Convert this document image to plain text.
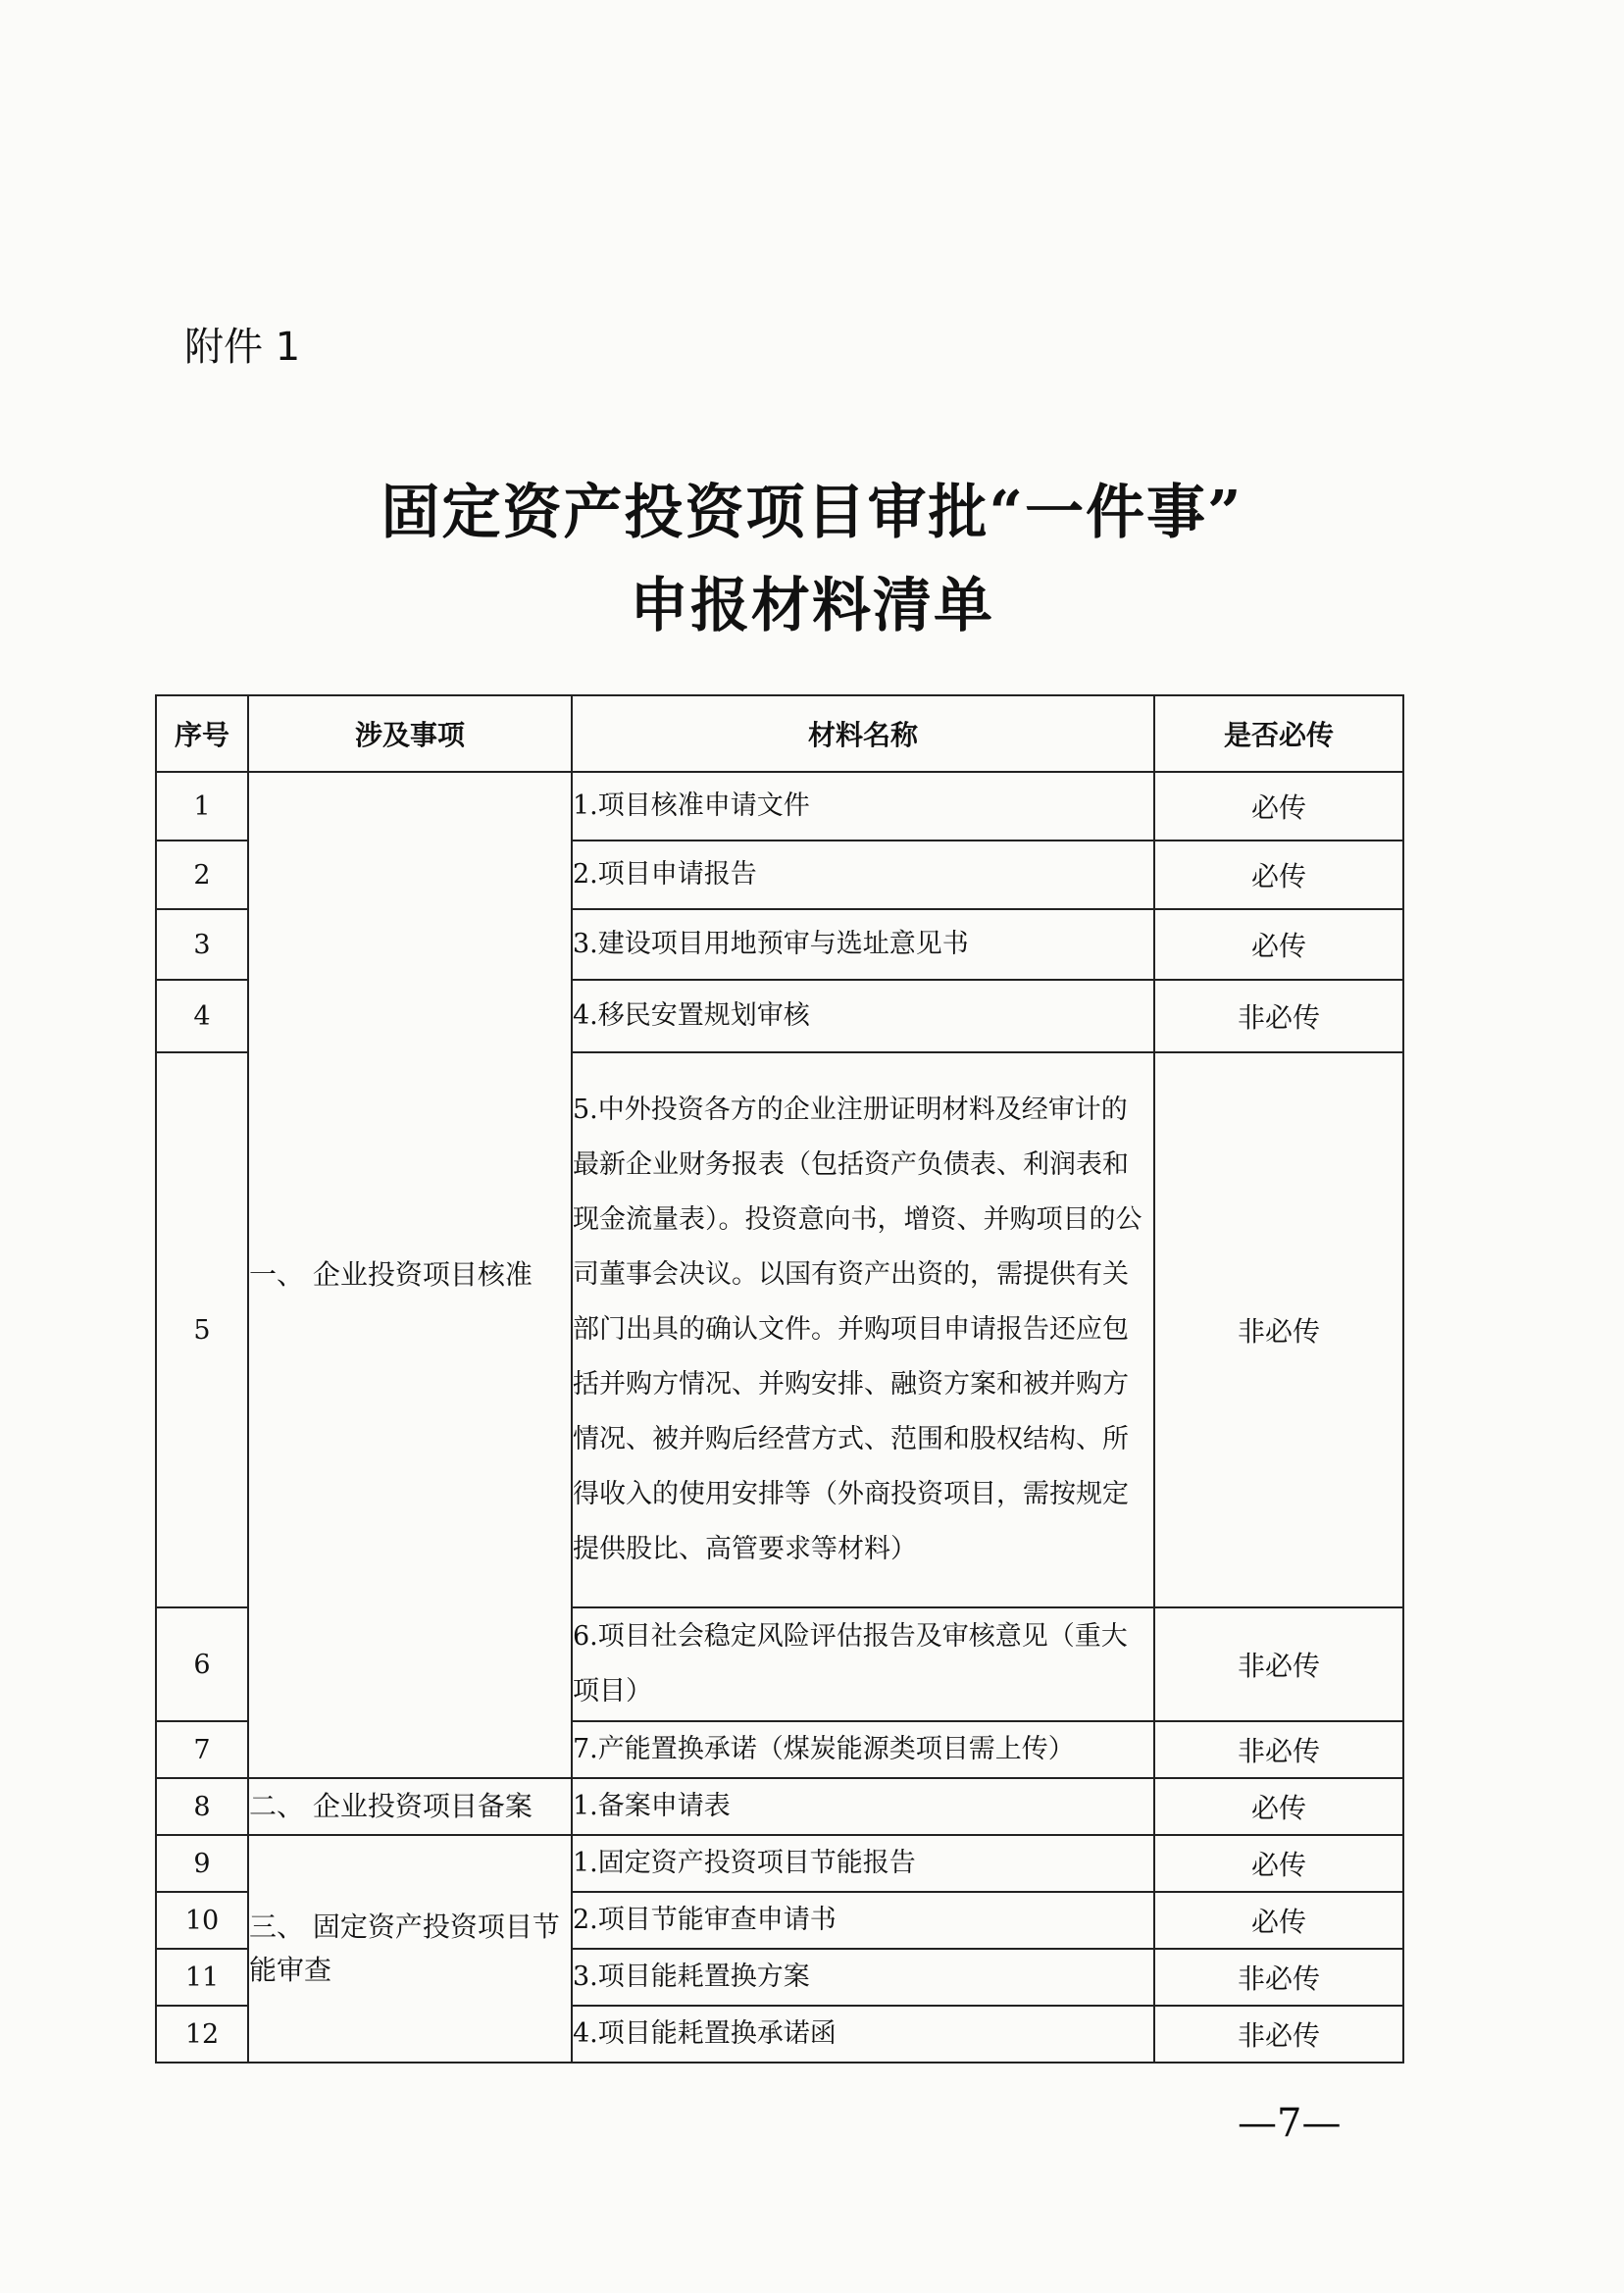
附件 1
固定资产投资项目审批“一件事”
申报材料清单
序号	涉及事项	材料名称	是否必传
1	一、 企业投资项目核准	1.项目核准申请文件	必传
2		2.项目申请报告	必传
3		3.建设项目用地预审与选址意见书	必传
4		4.移民安置规划审核	非必传
5		5.中外投资各方的企业注册证明材料及经审计的最新企业财务报表（包括资产负债表、利润表和现金流量表）。投资意向书，增资、并购项目的公司董事会决议。以国有资产出资的，需提供有关部门出具的确认文件。并购项目申请报告还应包括并购方情况、并购安排、融资方案和被并购方情况、被并购后经营方式、范围和股权结构、所得收入的使用安排等（外商投资项目，需按规定提供股比、高管要求等材料）	非必传
6		6.项目社会稳定风险评估报告及审核意见（重大项目）	非必传
7		7.产能置换承诺（煤炭能源类项目需上传）	非必传
8	二、 企业投资项目备案	1.备案申请表	必传
9	三、 固定资产投资项目节能审查	1.固定资产投资项目节能报告	必传
10		2.项目节能审查申请书	必传
11		3.项目能耗置换方案	非必传
12		4.项目能耗置换承诺函	非必传
—7—
